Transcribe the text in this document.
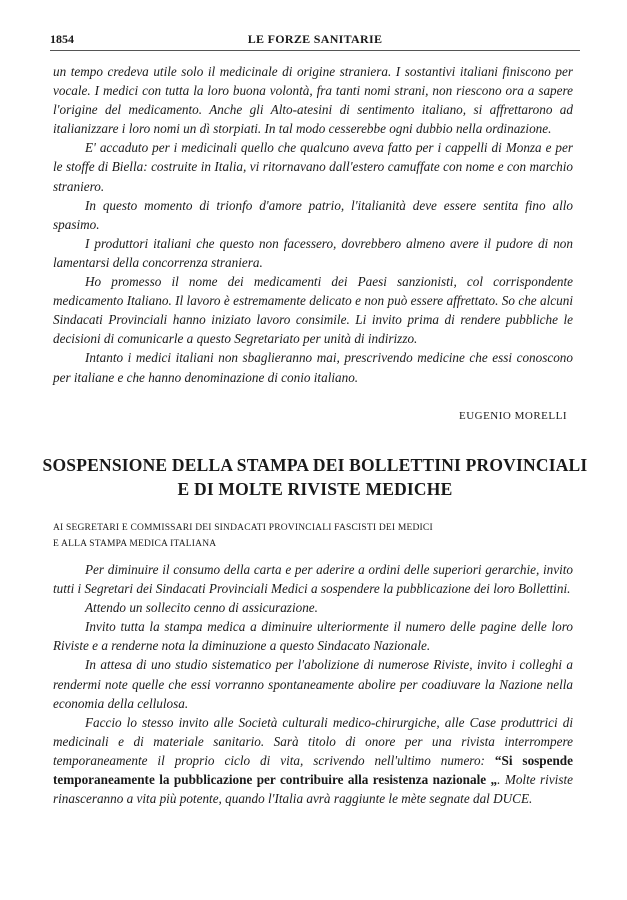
1854	LE FORZE SANITARIE

un tempo credeva utile solo il medicinale di origine straniera. I sostantivi italiani finiscono per vocale. I medici con tutta la loro buona volontà, fra tanti nomi strani, non riescono ora a sapere l'origine del medicamento. Anche gli Alto-atesini di sentimento italiano, si affrettarono ad italianizzare i loro nomi un dì storpiati. In tal modo cesserebbe ogni dubbio nella ordinazione.

E' accaduto per i medicinali quello che qualcuno aveva fatto per i cappelli di Monza e per le stoffe di Biella: costruite in Italia, vi ritornavano dall'estero camuffate con nome e con marchio straniero.

In questo momento di trionfo d'amore patrio, l'italianità deve essere sentita fino allo spasimo.

I produttori italiani che questo non facessero, dovrebbero almeno avere il pudore di non lamentarsi della concorrenza straniera.

Ho promesso il nome dei medicamenti dei Paesi sanzionisti, col corrispondente medicamento Italiano. Il lavoro è estremamente delicato e non può essere affrettato. So che alcuni Sindacati Provinciali hanno iniziato lavoro consimile. Li invito prima di rendere pubbliche le decisioni di comunicarle a questo Segretariato per unità di indirizzo.

Intanto i medici italiani non sbaglieranno mai, prescrivendo medicine che essi conoscono per italiane e che hanno denominazione di conio italiano.

EUGENIO MORELLI
SOSPENSIONE DELLA STAMPA DEI BOLLETTINI PROVINCIALI
E DI MOLTE RIVISTE MEDICHE
AI SEGRETARI E COMMISSARI DEI SINDACATI PROVINCIALI FASCISTI DEI MEDICI
E ALLA STAMPA MEDICA ITALIANA

Per diminuire il consumo della carta e per aderire a ordini delle superiori gerarchie, invito tutti i Segretari dei Sindacati Provinciali Medici a sospendere la pubblicazione dei loro Bollettini.

Attendo un sollecito cenno di assicurazione.

Invito tutta la stampa medica a diminuire ulteriormente il numero delle pagine delle loro Riviste e a renderne nota la diminuzione a questo Sindacato Nazionale.

In attesa di uno studio sistematico per l'abolizione di numerose Riviste, invito i colleghi a rendermi note quelle che essi vorranno spontaneamente abolire per coadiuvare la Nazione nella economia della cellulosa.

Faccio lo stesso invito alle Società culturali medico-chirurgiche, alle Case produttrici di medicinali e di materiale sanitario. Sarà titolo di onore per una rivista interrompere temporaneamente il proprio ciclo di vita, scrivendo nell'ultimo numero: “Si sospende temporaneamente la pubblicazione per contribuire alla resistenza nazionale „. Molte riviste rinasceranno a vita più potente, quando l'Italia avrà raggiunte le mète segnate dal DUCE.
